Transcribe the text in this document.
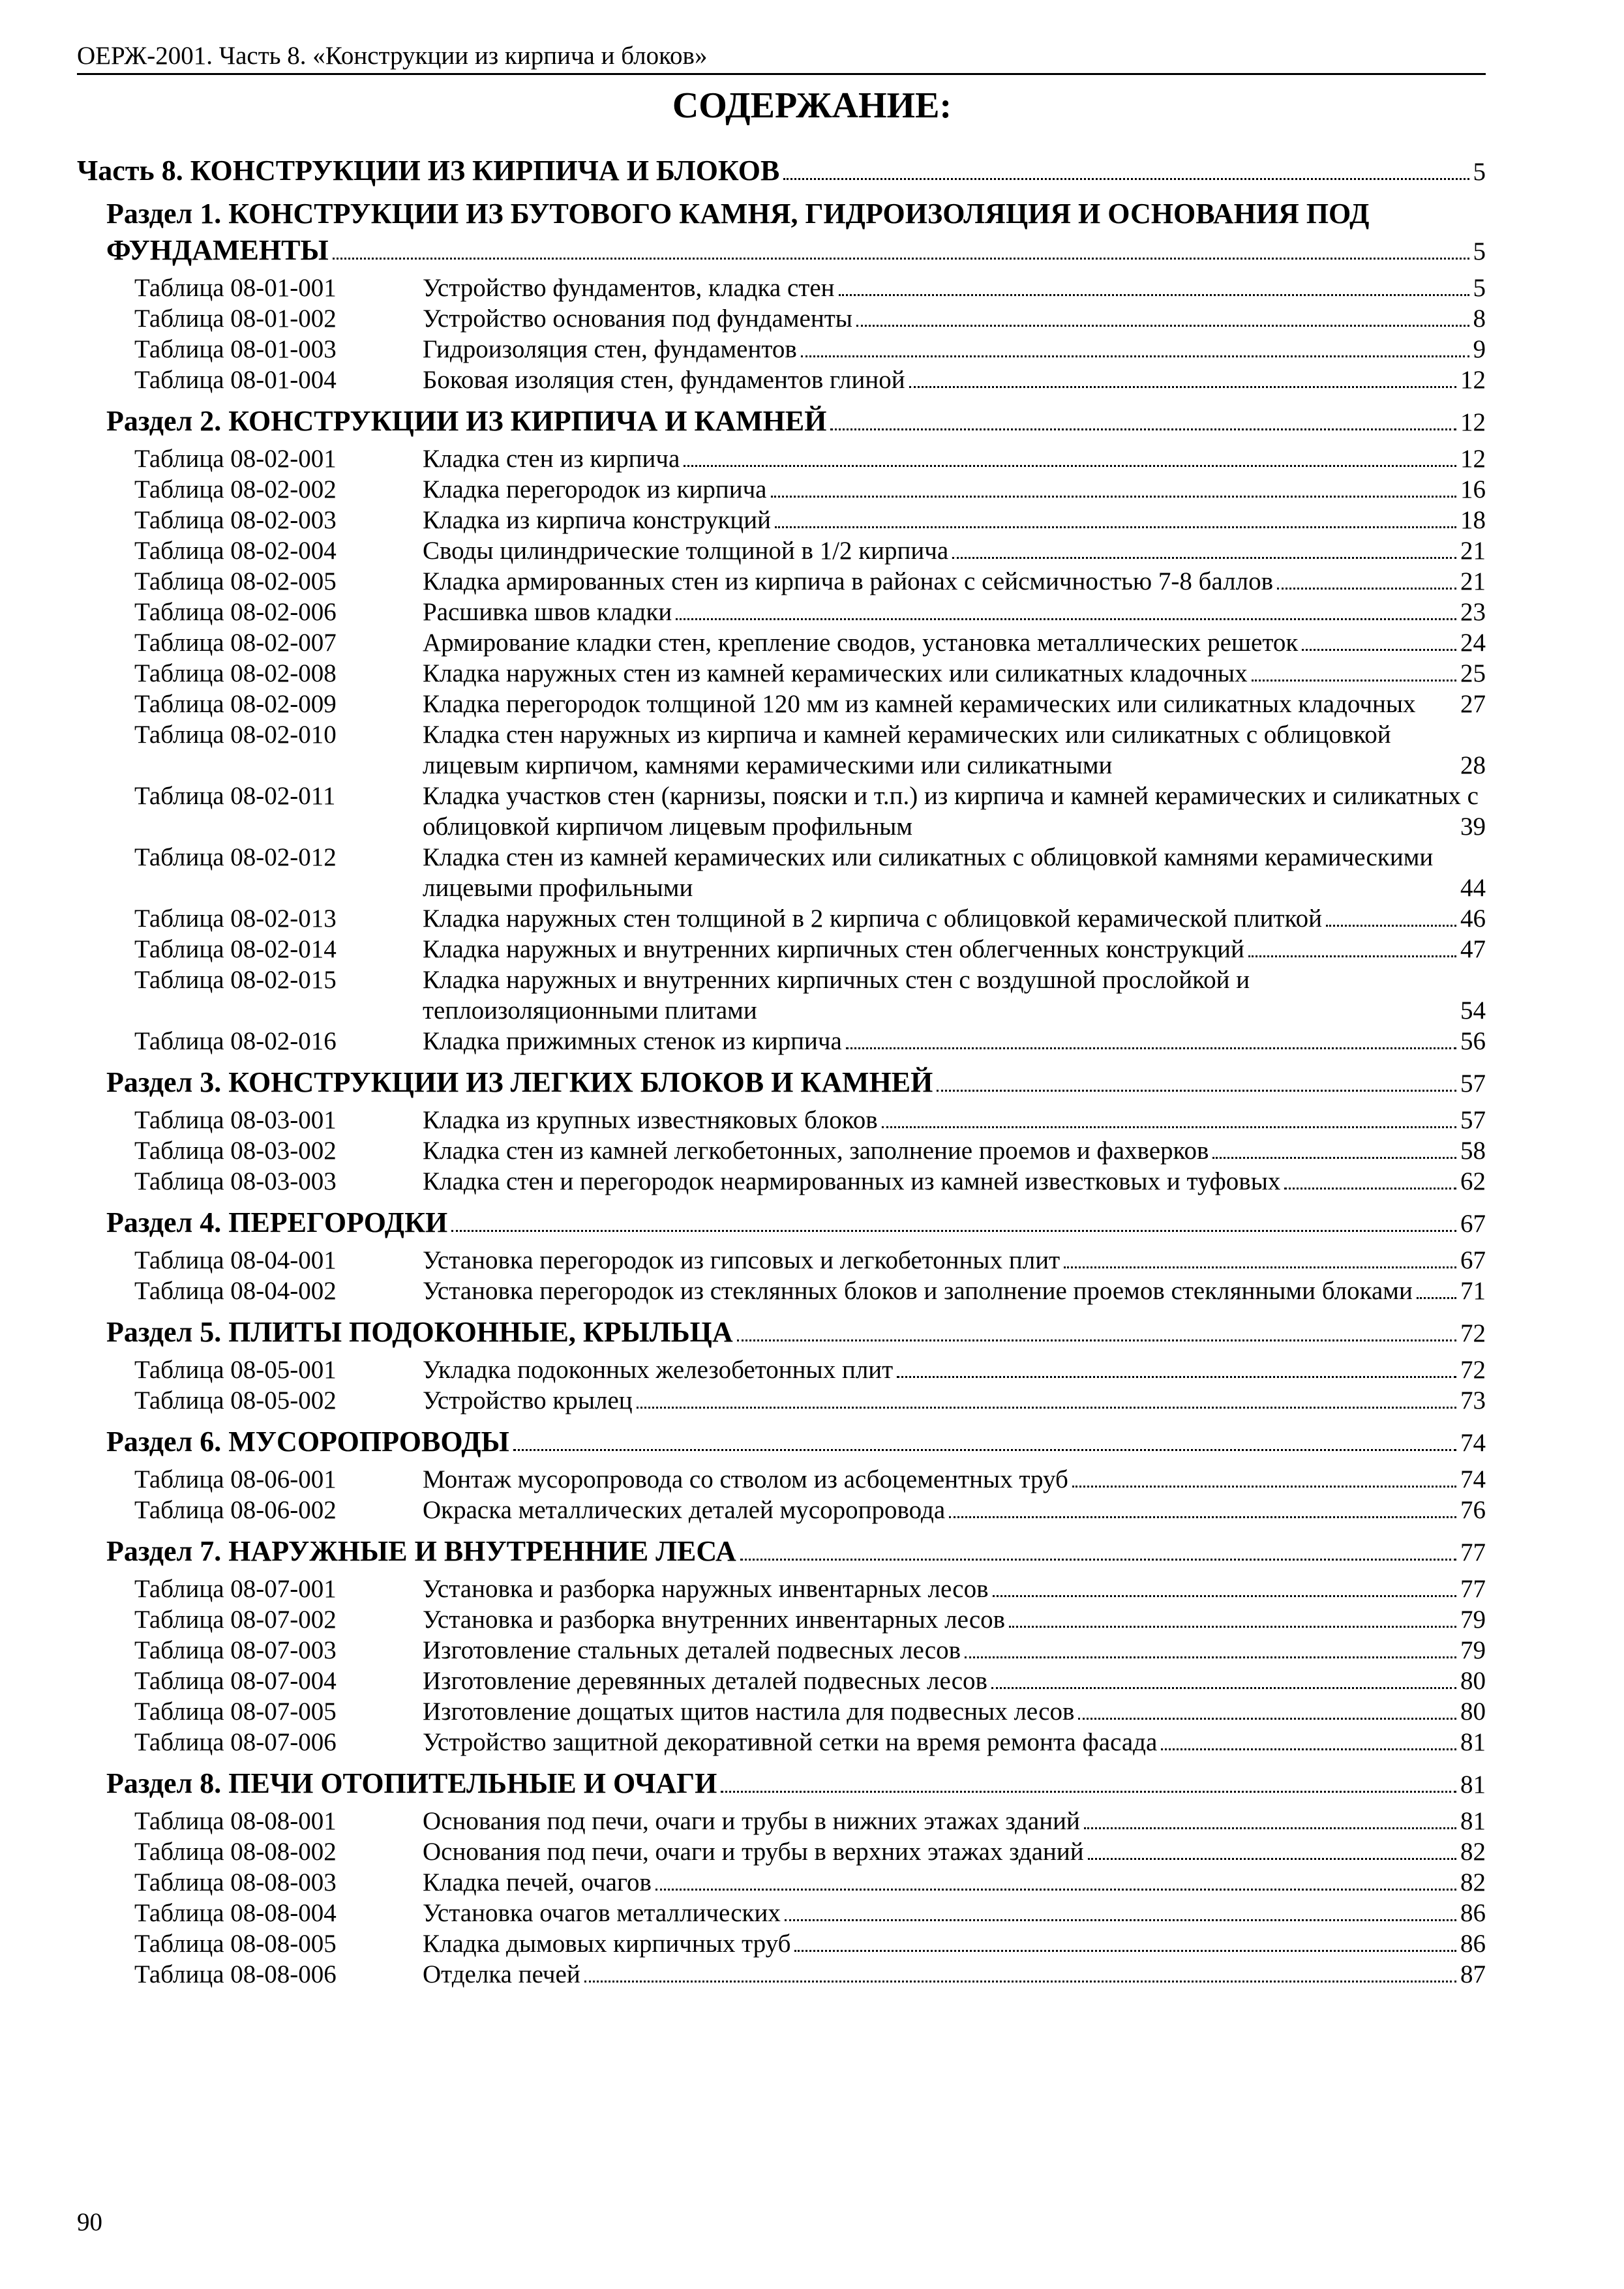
ОЕРЖ-2001. Часть 8. «Конструкции из кирпича и блоков»
СОДЕРЖАНИЕ:
Часть 8. КОНСТРУКЦИИ ИЗ КИРПИЧА И БЛОКОВ	5
Раздел 1. КОНСТРУКЦИИ ИЗ БУТОВОГО КАМНЯ, ГИДРОИЗОЛЯЦИЯ И ОСНОВАНИЯ ПОД
ФУНДАМЕНТЫ	5
Таблица 08-01-001	Устройство фундаментов, кладка стен	5
Таблица 08-01-002	Устройство основания под фундаменты	8
Таблица 08-01-003	Гидроизоляция стен, фундаментов	9
Таблица 08-01-004	Боковая изоляция стен, фундаментов глиной	12
Раздел 2. КОНСТРУКЦИИ ИЗ КИРПИЧА И КАМНЕЙ	12
Таблица 08-02-001	Кладка стен из кирпича	12
Таблица 08-02-002	Кладка перегородок из кирпича	16
Таблица 08-02-003	Кладка из кирпича конструкций	18
Таблица 08-02-004	Своды цилиндрические толщиной в 1/2 кирпича	21
Таблица 08-02-005	Кладка армированных стен из кирпича в районах с сейсмичностью 7-8 баллов	21
Таблица 08-02-006	Расшивка швов кладки	23
Таблица 08-02-007	Армирование кладки стен, крепление сводов, установка металлических решеток	24
Таблица 08-02-008	Кладка наружных стен из камней керамических или силикатных кладочных	25
Таблица 08-02-009	Кладка перегородок толщиной 120 мм из камней керамических или силикатных кладочных 27
Таблица 08-02-010	Кладка стен наружных из кирпича и камней керамических или силикатных с облицовкой лицевым кирпичом, камнями керамическими или силикатными	28
Таблица 08-02-011	Кладка участков стен (карнизы, пояски и т.п.) из кирпича и камней керамических и силикатных с облицовкой кирпичом лицевым профильным	39
Таблица 08-02-012	Кладка стен из камней керамических или силикатных с облицовкой камнями керамическими лицевыми профильными	44
Таблица 08-02-013	Кладка наружных стен толщиной в 2 кирпича с облицовкой керамической плиткой	46
Таблица 08-02-014	Кладка наружных и внутренних кирпичных стен облегченных конструкций	47
Таблица 08-02-015	Кладка наружных и внутренних кирпичных стен с воздушной прослойкой и теплоизоляционными плитами	54
Таблица 08-02-016	Кладка прижимных стенок из кирпича	56
Раздел 3. КОНСТРУКЦИИ ИЗ ЛЕГКИХ БЛОКОВ И КАМНЕЙ	57
Таблица 08-03-001	Кладка из крупных известняковых блоков	57
Таблица 08-03-002	Кладка стен из камней легкобетонных, заполнение проемов и фахверков	58
Таблица 08-03-003	Кладка стен и перегородок неармированных из камней известковых и туфовых	62
Раздел 4. ПЕРЕГОРОДКИ	67
Таблица 08-04-001	Установка перегородок из гипсовых и легкобетонных плит	67
Таблица 08-04-002	Установка перегородок из стеклянных блоков и заполнение проемов стеклянными блоками 71
Раздел 5. ПЛИТЫ ПОДОКОННЫЕ, КРЫЛЬЦА	72
Таблица 08-05-001	Укладка подоконных железобетонных плит	72
Таблица 08-05-002	Устройство крылец	73
Раздел 6. МУСОРОПРОВОДЫ	74
Таблица 08-06-001	Монтаж мусоропровода со стволом из асбоцементных труб	74
Таблица 08-06-002	Окраска металлических деталей мусоропровода	76
Раздел 7. НАРУЖНЫЕ И ВНУТРЕННИЕ ЛЕСА	77
Таблица 08-07-001	Установка и разборка наружных инвентарных лесов	77
Таблица 08-07-002	Установка и разборка внутренних инвентарных лесов	79
Таблица 08-07-003	Изготовление стальных деталей подвесных лесов	79
Таблица 08-07-004	Изготовление деревянных деталей подвесных лесов	80
Таблица 08-07-005	Изготовление дощатых щитов настила для подвесных лесов	80
Таблица 08-07-006	Устройство защитной декоративной сетки на время ремонта фасада	81
Раздел 8. ПЕЧИ ОТОПИТЕЛЬНЫЕ И ОЧАГИ	81
Таблица 08-08-001	Основания под печи, очаги и трубы в нижних этажах зданий	81
Таблица 08-08-002	Основания под печи, очаги и трубы в верхних этажах зданий	82
Таблица 08-08-003	Кладка печей, очагов	82
Таблица 08-08-004	Установка очагов металлических	86
Таблица 08-08-005	Кладка дымовых кирпичных труб	86
Таблица 08-08-006	Отделка печей	87
90
